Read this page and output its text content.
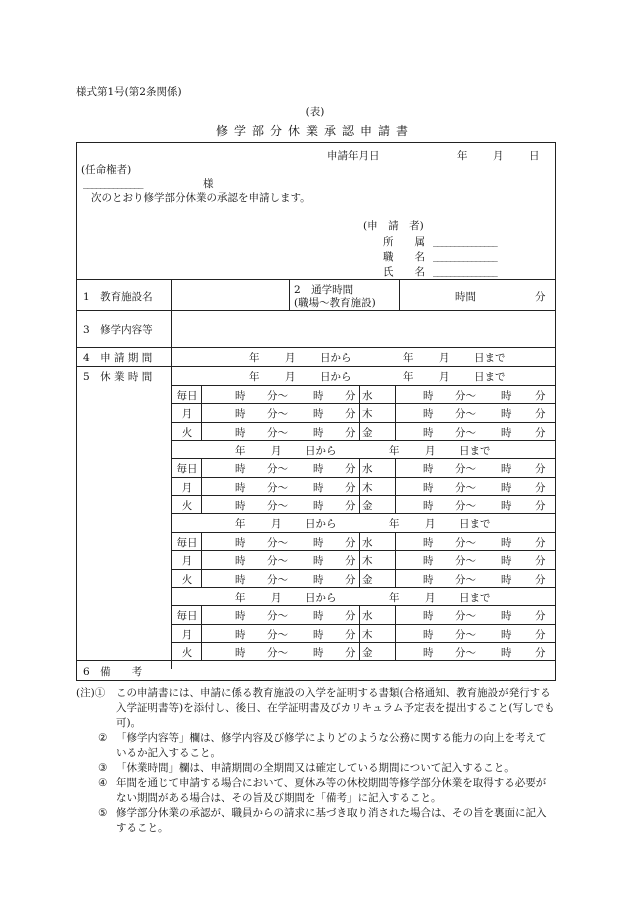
様式第1号(第2条関係)
(表)
修学部分休業承認申請書
申請年月日	年 月 日
(任命権者)
______________	様
次のとおり修学部分休業の承認を申請します。
(申　請　者)
所　　属 _______________
職　　名 _______________
氏　　名 _______________
1　教育施設名
2　通学時間
(職場～教育施設)	時間	分
3　修学内容等
4　申 請 期 間	年 月 日から	年 月 日まで
5　休 業 時 間	年 月 日から	年 月 日まで
毎日	時 分～ 時 分 水	時 分～ 時 分
月	時 分～ 時 分 木	時 分～ 時 分
火	時 分～ 時 分 金	時 分～ 時 分
年 月 日から	年 月 日まで
毎日	時 分～ 時 分 水	時 分～ 時 分
月	時 分～ 時 分 木	時 分～ 時 分
火	時 分～ 時 分 金	時 分～ 時 分
年 月 日から	年 月 日まで
毎日	時 分～ 時 分 水	時 分～ 時 分
月	時 分～ 時 分 木	時 分～ 時 分
火	時 分～ 時 分 金	時 分～ 時 分
年 月 日から	年 月 日まで
毎日	時 分～ 時 分 水	時 分～ 時 分
月	時 分～ 時 分 木	時 分～ 時 分
火	時 分～ 時 分 金	時 分～ 時 分
6　備　　考
(注)① この申請書には、申請に係る教育施設の入学を証明する書類(合格通知、教育施設が発行する入学証明書等)を添付し、後日、在学証明書及びカリキュラム予定表を提出すること(写しでも可)。
② 「修学内容等」欄は、修学内容及び修学によりどのような公務に関する能力の向上を考えているか記入すること。
③ 「休業時間」欄は、申請期間の全期間又は確定している期間について記入すること。
④ 年間を通じて申請する場合において、夏休み等の休校期間等修学部分休業を取得する必要がない期間がある場合は、その旨及び期間を「備考」に記入すること。
⑤ 修学部分休業の承認が、職員からの請求に基づき取り消された場合は、その旨を裏面に記入すること。
